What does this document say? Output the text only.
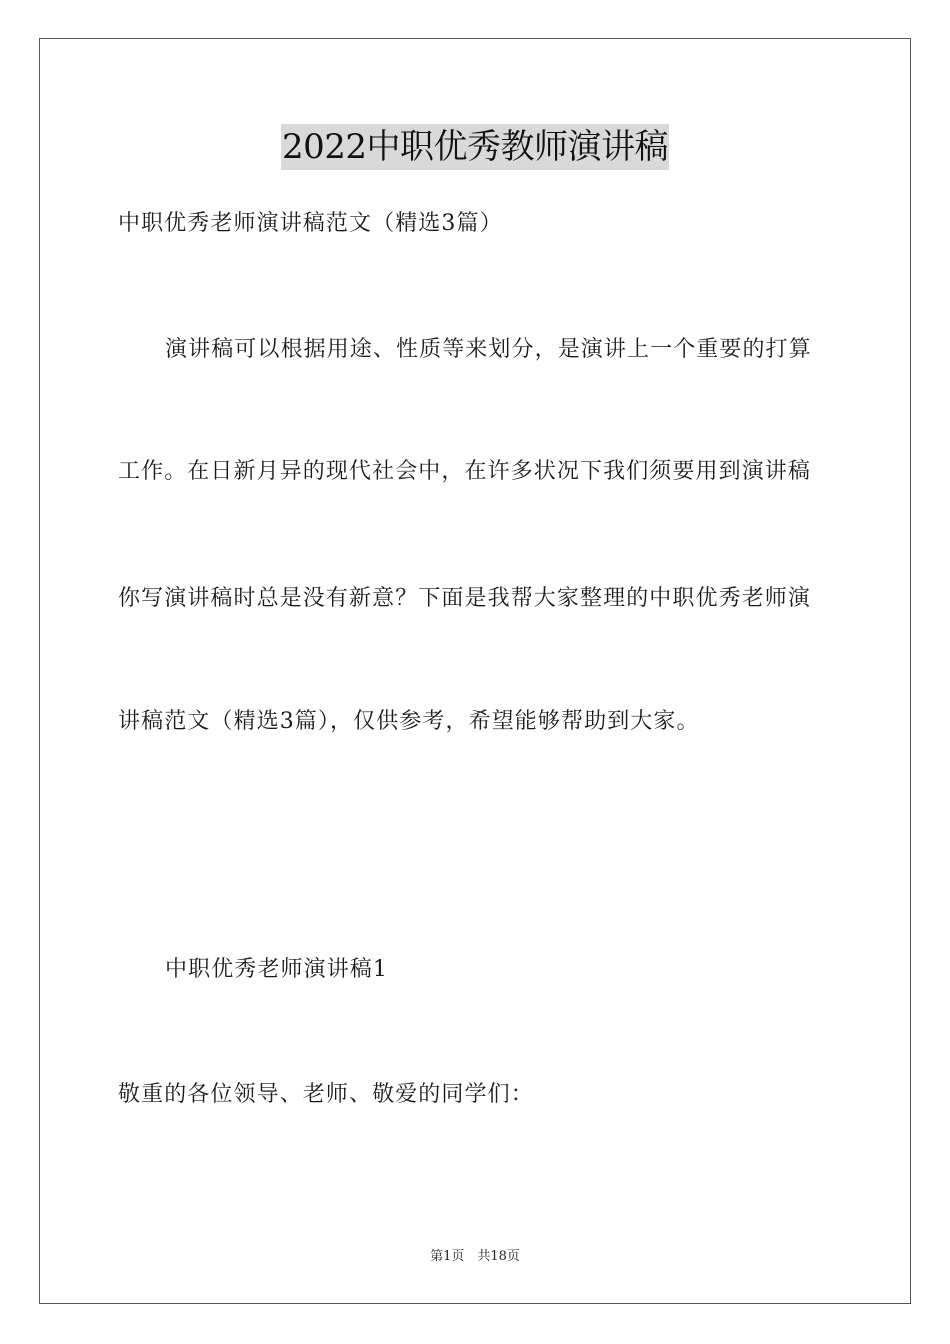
2022中职优秀教师演讲稿
中职优秀老师演讲稿范文（精选3篇）
演讲稿可以根据用途、性质等来划分，是演讲上一个重要的打算
工作。在日新月异的现代社会中，在许多状况下我们须要用到演讲稿
你写演讲稿时总是没有新意？下面是我帮大家整理的中职优秀老师演
讲稿范文（精选3篇），仅供参考，希望能够帮助到大家。
中职优秀老师演讲稿1
敬重的各位领导、老师、敬爱的同学们：
第1页　共18页
